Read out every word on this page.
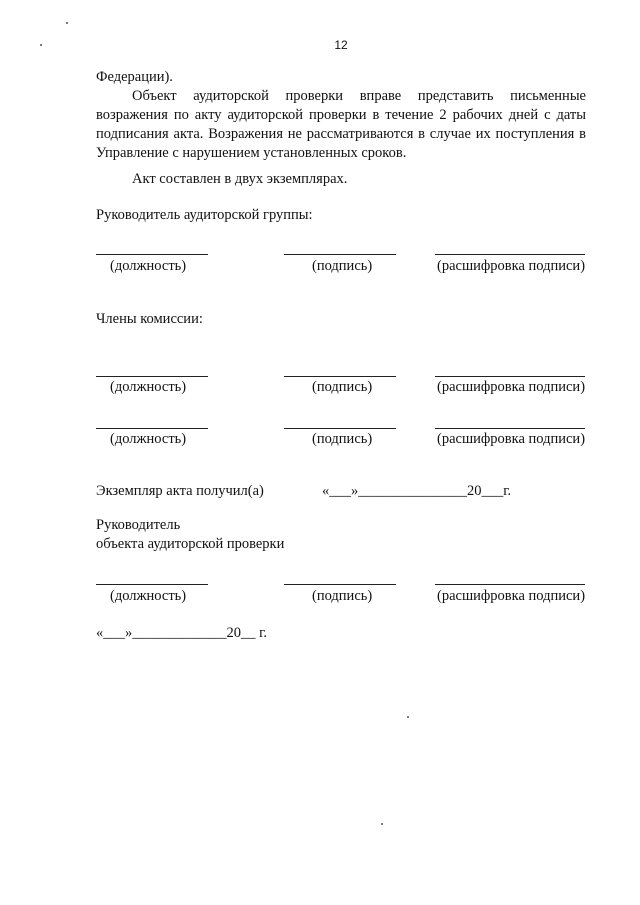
12
Федерации).
Объект аудиторской проверки вправе представить письменные
возражения по акту аудиторской проверки в течение 2 рабочих дней с даты
подписания акта. Возражения не рассматриваются в случае их поступления в
Управление с нарушением установленных сроков.
Акт составлен в двух экземплярах.
Руководитель аудиторской группы:
(должность)	(подпись)	(расшифровка подписи)
Члены комиссии:
(должность)	(подпись)	(расшифровка подписи)
(должность)	(подпись)	(расшифровка подписи)
Экземпляр акта получил(а)	«___»_______________20___г.
Руководитель
объекта аудиторской проверки
(должность)	(подпись)	(расшифровка подписи)
«___»_____________20__ г.
